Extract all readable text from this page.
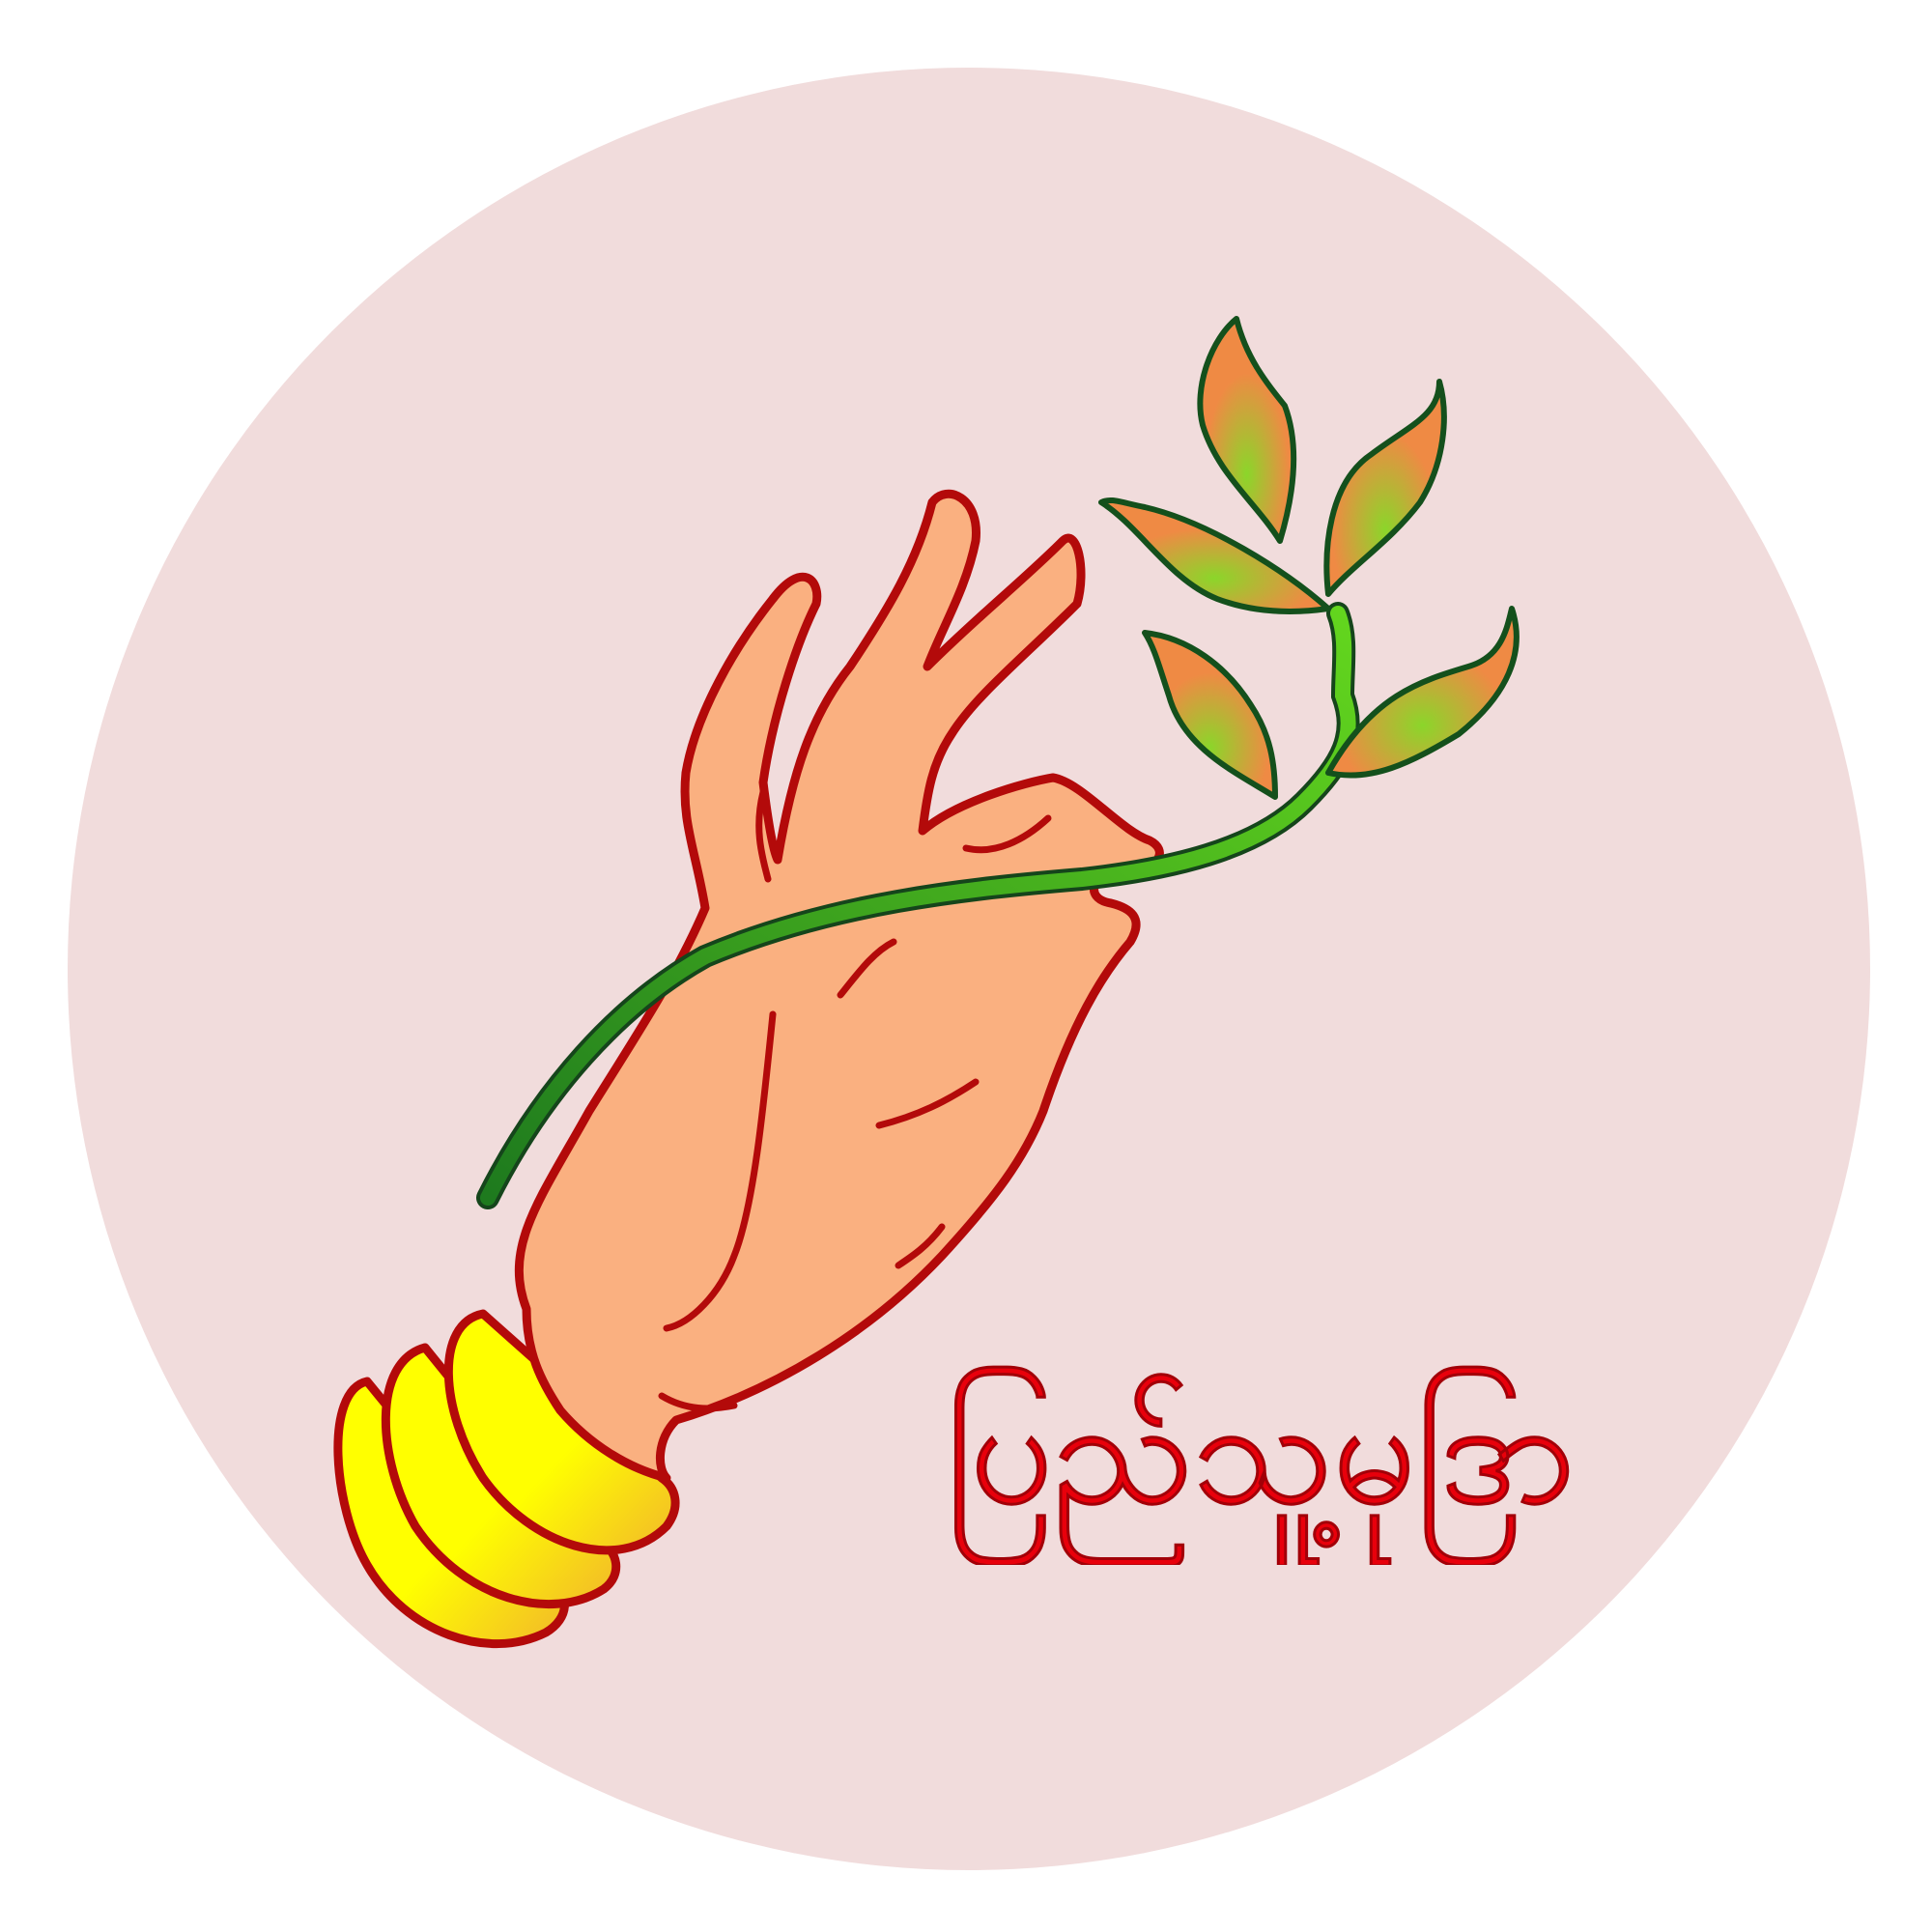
ပြည်သူ့မုဒြာ
